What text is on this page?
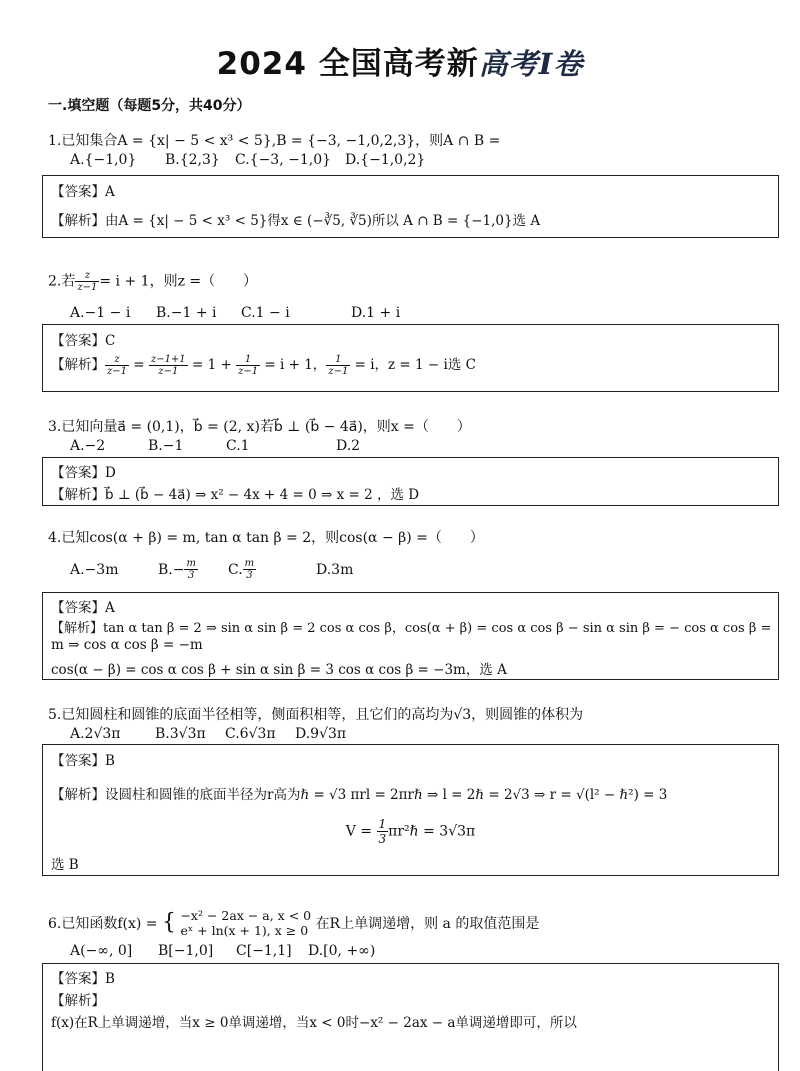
2024 全国高考新高考Ⅰ卷
一.填空题（每题5分，共40分）
1.已知集合A = {x| − 5 < x³ < 5},B = {−3, −1,0,2,3}，则A ∩ B =
A.{−1,0} B.{2,3} C.{−3, −1,0} D.{−1,0,2}
【答案】A
【解析】由A = {x| − 5 < x³ < 5}得x ∈ (−∛5, ∛5)所以 A ∩ B = {−1,0}选 A
2.若 $\frac{z}{z-1} = i + 1$，则z =（　　）
A.−1 − i B.−1 + i C.1 − i	D.1 + i
【答案】C
【解析】 $\frac{z}{z-1} = \frac{z-1+1}{z-1} = 1 + \frac{1}{z-1} = i + 1$， $\frac{1}{z-1} = i$，z = 1 − i选 C
3.已知向量a⃗ = (0,1)，b⃗ = (2, x)若b⃗ ⊥ (b⃗ − 4a⃗)，则x =（　　）
A.−2	B.−1	C.1	D.2
【答案】D
【解析】b⃗ ⊥ (b⃗ − 4a⃗) ⇒ x² − 4x + 4 = 0 ⇒ x = 2 ，选 D
4.已知cos(α + β) = m, tan α tan β = 2，则cos(α − β) =（　　）
A.−3m	$B.- \frac{m}{3} C$. $\frac{m}{3}$	D.3m
【答案】A
【解析】tan α tan β = 2 ⇒ sin α sin β = 2 cos α cos β，cos(α + β) = cos α cos β − sin α sin β = − cos α cos β =
m ⇒ cos α cos β = −m
cos(α − β) = cos α cos β + sin α sin β = 3 cos α cos β = −3m，选 A
5.已知圆柱和圆锥的底面半径相等，侧面积相等，且它们的高均为√3，则圆锥的体积为
A.2√3π B.3√3π C.6√3π D.9√3π
【答案】B
【解析】设圆柱和圆锥的底面半径为r高为ℏ = √3 πrl = 2πrℏ ⇒ l = 2ℏ = 2√3 ⇒ r = √(l² − ℏ²) = 3
$V = \frac{1}{3}$ πr²ℏ = 3√3π
选 B
6.已知函数f(x) = { −x² − 2ax − a, x < 0
eˣ + ln(x + 1), x ≥ 0 在R上单调递增，则 a 的取值范围是
A(−∞, 0] B[−1,0] C[−1,1] D.[0, +∞)
【答案】B
【解析】
f(x)在R上单调递增，当x ≥ 0单调递增，当x < 0时−x² − 2ax − a单调递增即可，所以
